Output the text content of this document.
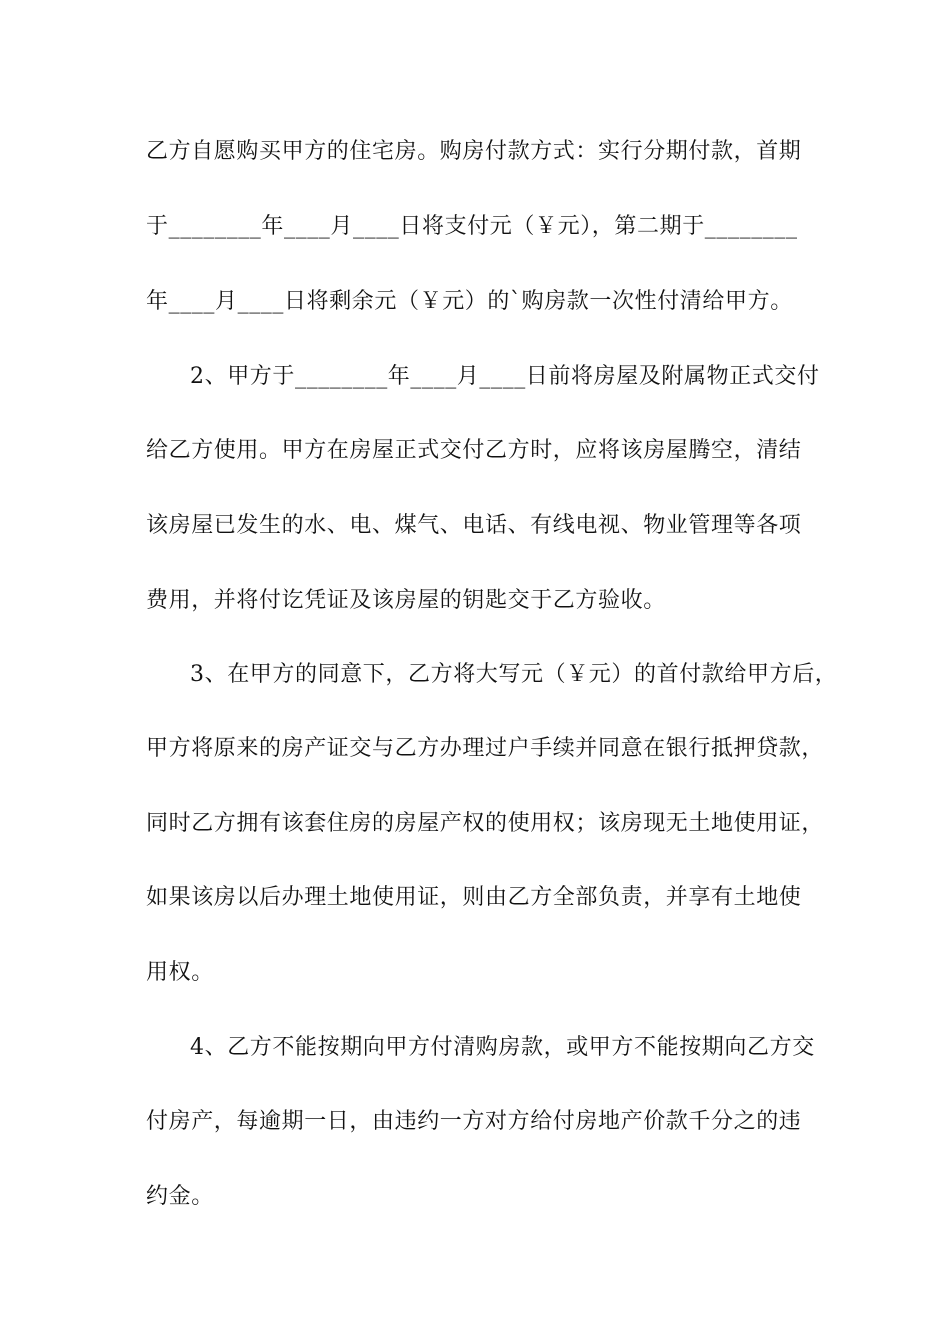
乙方自愿购买甲方的住宅房。购房付款方式：实行分期付款，首期
于________年____月____日将支付元（￥元），第二期于________
年____月____日将剩余元（￥元）的`购房款一次性付清给甲方。
2、甲方于________年____月____日前将房屋及附属物正式交付
给乙方使用。甲方在房屋正式交付乙方时，应将该房屋腾空，清结
该房屋已发生的水、电、煤气、电话、有线电视、物业管理等各项
费用，并将付讫凭证及该房屋的钥匙交于乙方验收。
3、在甲方的同意下，乙方将大写元（￥元）的首付款给甲方后，
甲方将原来的房产证交与乙方办理过户手续并同意在银行抵押贷款，
同时乙方拥有该套住房的房屋产权的使用权；该房现无土地使用证，
如果该房以后办理土地使用证，则由乙方全部负责，并享有土地使
用权。
4、乙方不能按期向甲方付清购房款，或甲方不能按期向乙方交
付房产，每逾期一日，由违约一方对方给付房地产价款千分之的违
约金。
